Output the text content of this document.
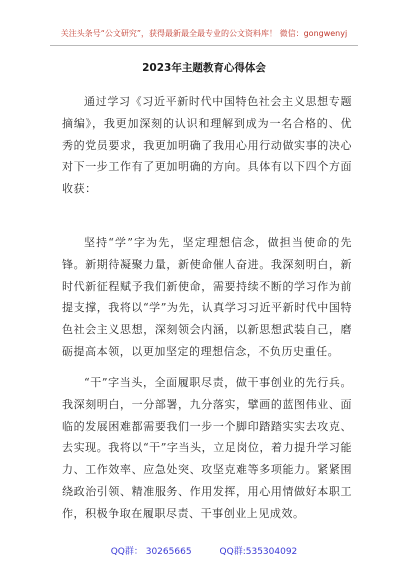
关注头条号“公文研究”，获得最新最全最专业的公文资料库！ 微信：gongwenyj
2023年主题教育心得体会
通过学习《习近平新时代中国特色社会主义思想专题摘编》，我更加深刻的认识和理解到成为一名合格的、优秀的党员要求，我更加明确了我用心用行动做实事的决心对下一步工作有了更加明确的方向。具体有以下四个方面收获：
坚持“学”字为先，坚定理想信念，做担当使命的先锋。新期待凝聚力量，新使命催人奋进。我深刻明白，新时代新征程赋予我们新使命，需要持续不断的学习作为前提支撑，我将以“学”为先，认真学习习近平新时代中国特色社会主义思想，深刻领会内涵，以新思想武装自己，磨砺提高本领，以更加坚定的理想信念，不负历史重任。
“干”字当头，全面履职尽责，做干事创业的先行兵。我深刻明白，一分部署，九分落实，擘画的蓝图伟业、面临的发展困难都需要我们一步一个脚印踏踏实实去攻克、去实现。我将以“干”字当头，立足岗位，着力提升学习能力、工作效率、应急处突、攻坚克难等多项能力。紧紧围绕政治引领、精准服务、作用发挥，用心用情做好本职工作，积极争取在履职尽责、干事创业上见成效。
QQ群： 30265665	QQ群:535304092
